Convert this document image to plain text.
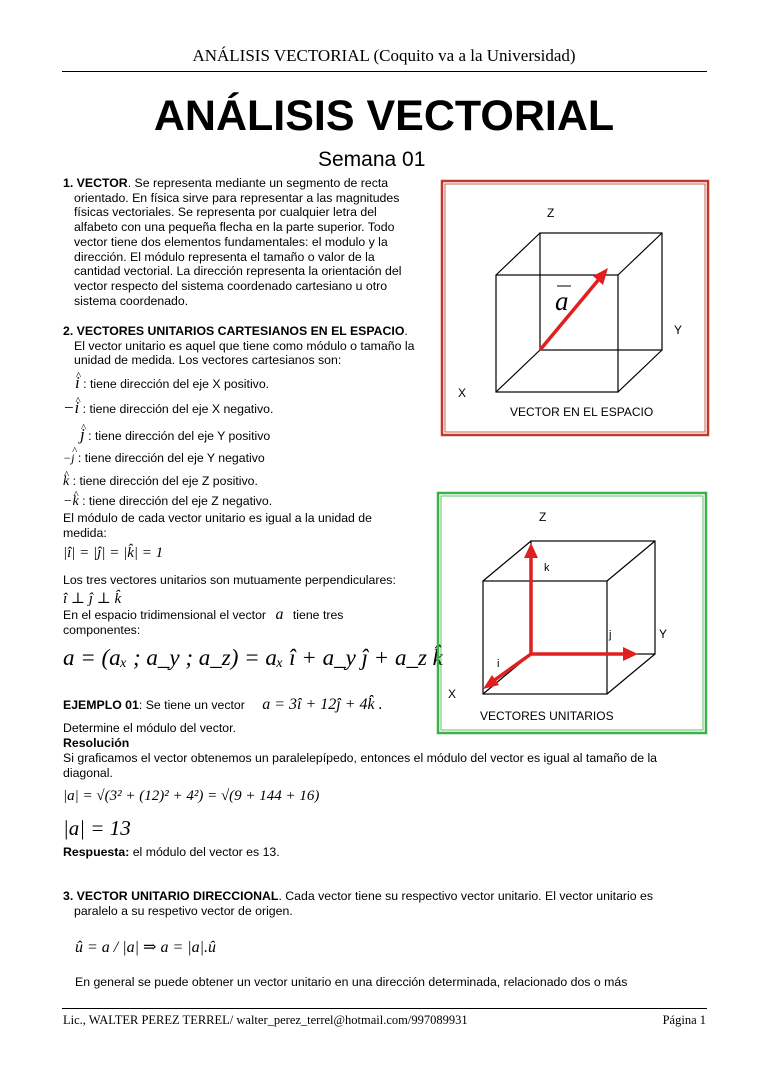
ANÁLISIS VECTORIAL (Coquito va a la Universidad)
ANÁLISIS VECTORIAL
Semana 01
1. VECTOR. Se representa mediante un segmento de recta
orientado. En física sirve para representar a las magnitudes
físicas vectoriales. Se representa por cualquier letra del
alfabeto con una pequeña flecha en la parte superior. Todo
vector tiene dos elementos fundamentales: el modulo y la
dirección. El módulo representa el tamaño o valor de la
cantidad vectorial. La dirección representa la orientación del
vector respecto del sistema coordenado cartesiano u otro
sistema coordenado.
2. VECTORES UNITARIOS CARTESIANOS EN EL ESPACIO.
El vector unitario es aquel que tiene como módulo o tamaño la
unidad de medida. Los vectores cartesianos son:
^ i : tiene dirección del eje X positivo.
−^ i : tiene dirección del eje X negativo.
^ j : tiene dirección del eje Y positivo
−^ j : tiene dirección del eje Y negativo
^ k : tiene dirección del eje Z positivo.
−^ k : tiene dirección del eje Z negativo.
El módulo de cada vector unitario es igual a la unidad de
medida:
|î| = |ĵ| = |k̂| = 1
Los tres vectores unitarios son mutuamente perpendiculares:
î ⊥ ĵ ⊥ k̂
En el espacio tridimensional el vector a tiene tres
componentes:
a = (aₓ ; a_y ; a_z) = aₓ î + a_y ĵ + a_z k̂
EJEMPLO 01: Se tiene un vector a = 3î + 12ĵ + 4k̂ .
Determine el módulo del vector.
Resolución
Si graficamos el vector obtenemos un paralelepípedo, entonces el módulo del vector es igual al tamaño de la
diagonal.
|a| = √(3² + (12)² + 4²) = √(9 + 144 + 16)
|a| = 13
Respuesta: el módulo del vector es 13.
3. VECTOR UNITARIO DIRECCIONAL. Cada vector tiene su respectivo vector unitario. El vector unitario es
paralelo a su respetivo vector de origen.
û = a / |a| ⇒ a = |a|.û
En general se puede obtener un vector unitario en una dirección determinada, relacionado dos o más
Z
Y
X
a
VECTOR EN EL ESPACIO
Z
k
j	Y
i
X
VECTORES UNITARIOS
Lic., WALTER PEREZ TERREL/ walter_perez_terrel@hotmail.com/997089931	Página 1
